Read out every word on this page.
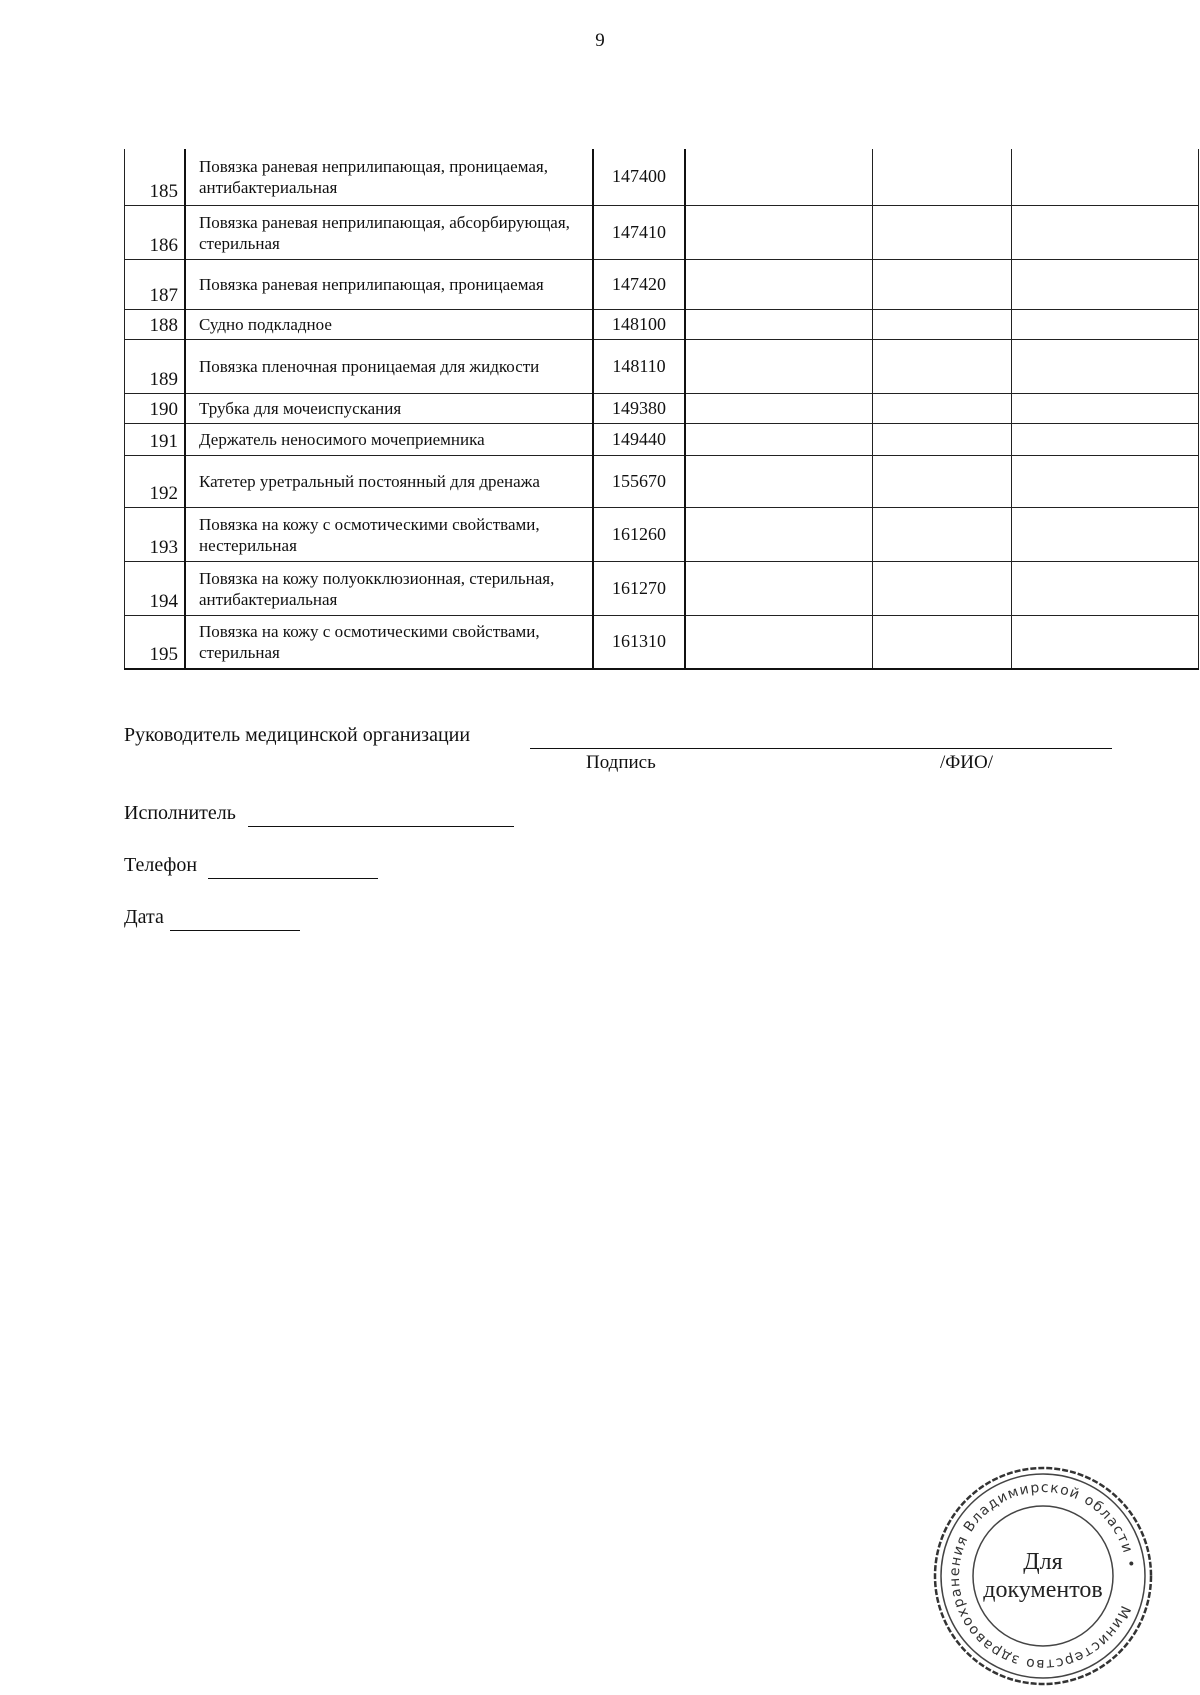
9
185	Повязка раневая неприлипающая, проницаемая, антибактериальная	147400			
186	Повязка раневая неприлипающая, абсорбирующая, стерильная	147410			
187	Повязка раневая неприлипающая, проницаемая	147420			
188	Судно подкладное	148100			
189	Повязка пленочная проницаемая для жидкости	148110			
190	Трубка для мочеиспускания	149380			
191	Держатель неносимого мочеприемника	149440			
192	Катетер уретральный постоянный для дренажа	155670			
193	Повязка на кожу с осмотическими свойствами, нестерильная	161260			
194	Повязка на кожу полуокклюзионная, стерильная, антибактериальная	161270			
195	Повязка на кожу с осмотическими свойствами, стерильная	161310			
Руководитель медицинской организации
Подпись	/ФИО/
Исполнитель
Телефон
Дата
Министерство здравоохранения Владимирской области •
Для
документов
